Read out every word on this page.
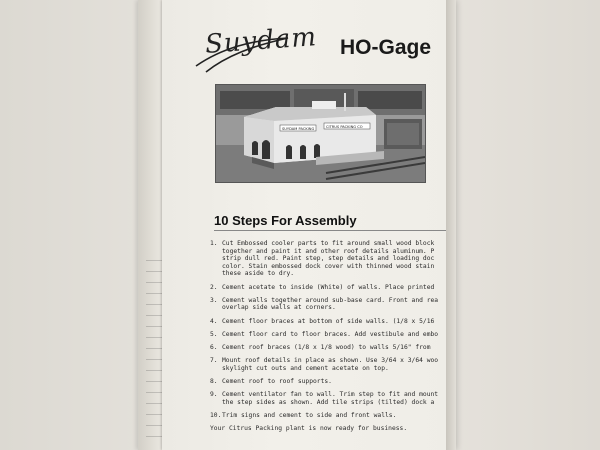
Suydam HO-Gage
SUYDAM PACKING	CITRUS PACKING CO
10 Steps For Assembly
1. Cut Embossed cooler parts to fit around small wood block
together and paint it and other roof details aluminum. P
strip dull red. Paint step, step details and loading doc
color. Stain embossed dock cover with thinned wood stain
these aside to dry.
2. Cement acetate to inside (White) of walls. Place printed
3. Cement walls together around sub-base card. Front and rea
overlap side walls at corners.
4. Cement floor braces at bottom of side walls. (1/8 x 5/16
5. Cement floor card to floor braces. Add vestibule and embo
6. Cement roof braces (1/8 x 1/8 wood) to walls 5/16" from
7. Mount roof details in place as shown. Use 3/64 x 3/64 woo
skylight cut outs and cement acetate on top.
8. Cement roof to roof supports.
9. Cement ventilator fan to wall. Trim step to fit and mount
the step sides as shown. Add tile strips (tilted) dock a
10. Trim signs and cement to side and front walls.
Your Citrus Packing plant is now ready for business.
